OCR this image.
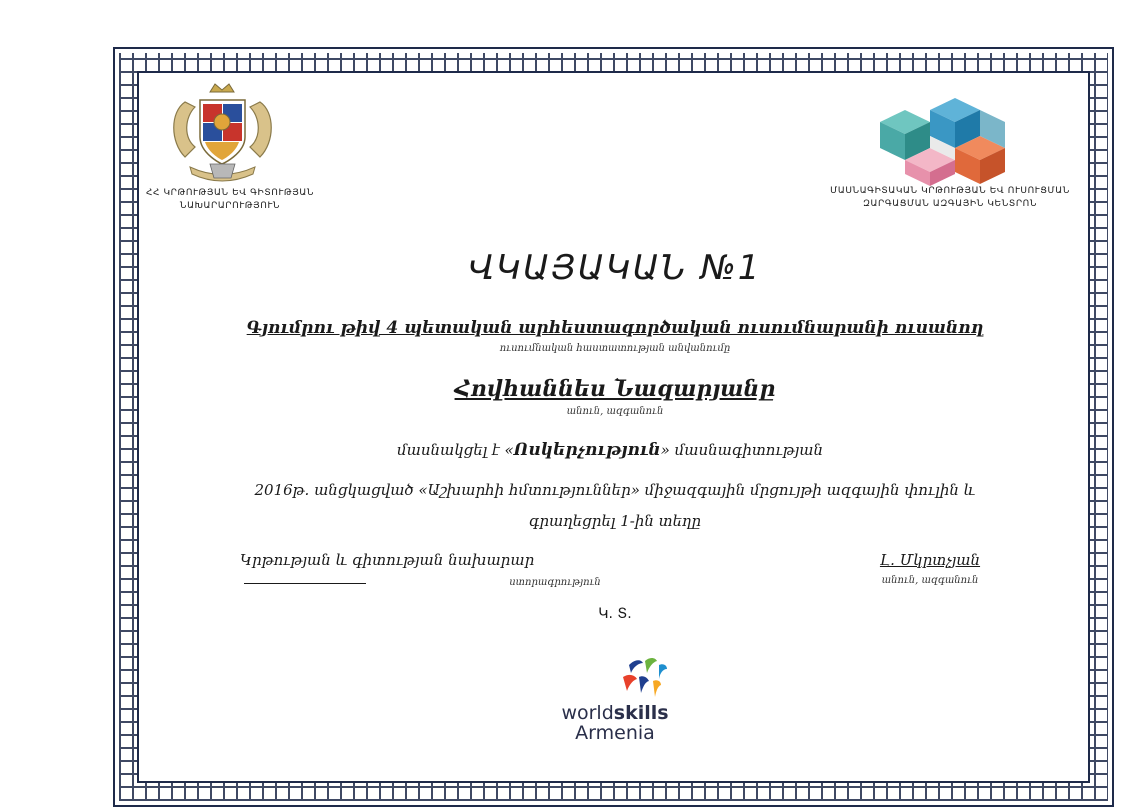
ՀՀ ԿՐԹՈՒԹՅԱՆ ԵՎ ԳԻՏՈՒԹՅԱՆ
ՆԱԽԱՐԱՐՈՒԹՅՈՒՆ
ՄԱՍՆԱԳԻՏԱԿԱՆ ԿՐԹՈՒԹՅԱՆ ԵՎ ՈՒՍՈՒՑՄԱՆ
ԶԱՐԳԱՑՄԱՆ ԱԶԳԱՅԻՆ ԿԵՆՏՐՈՆ
ՎԿԱՅԱԿԱՆ №1
Գյումրու թիվ 4 պետական արհեստագործական ուսումնարանի ուսանող
ուսումնական հաստատության անվանումը
Հովհաննես Նազարյանը
անուն, ազգանուն
մասնակցել է «Ոսկերչություն» մասնագիտության
2016թ. անցկացված «Աշխարհի հմտություններ» միջազգային մրցույթի ազգային փուլին և
գրաղեցրել 1-ին տեղը
Կրթության և գիտության նախարար
ստորագրություն
Լ. Մկրտչյան
անուն, ազգանուն
Կ. Տ.
worldskills
Armenia
